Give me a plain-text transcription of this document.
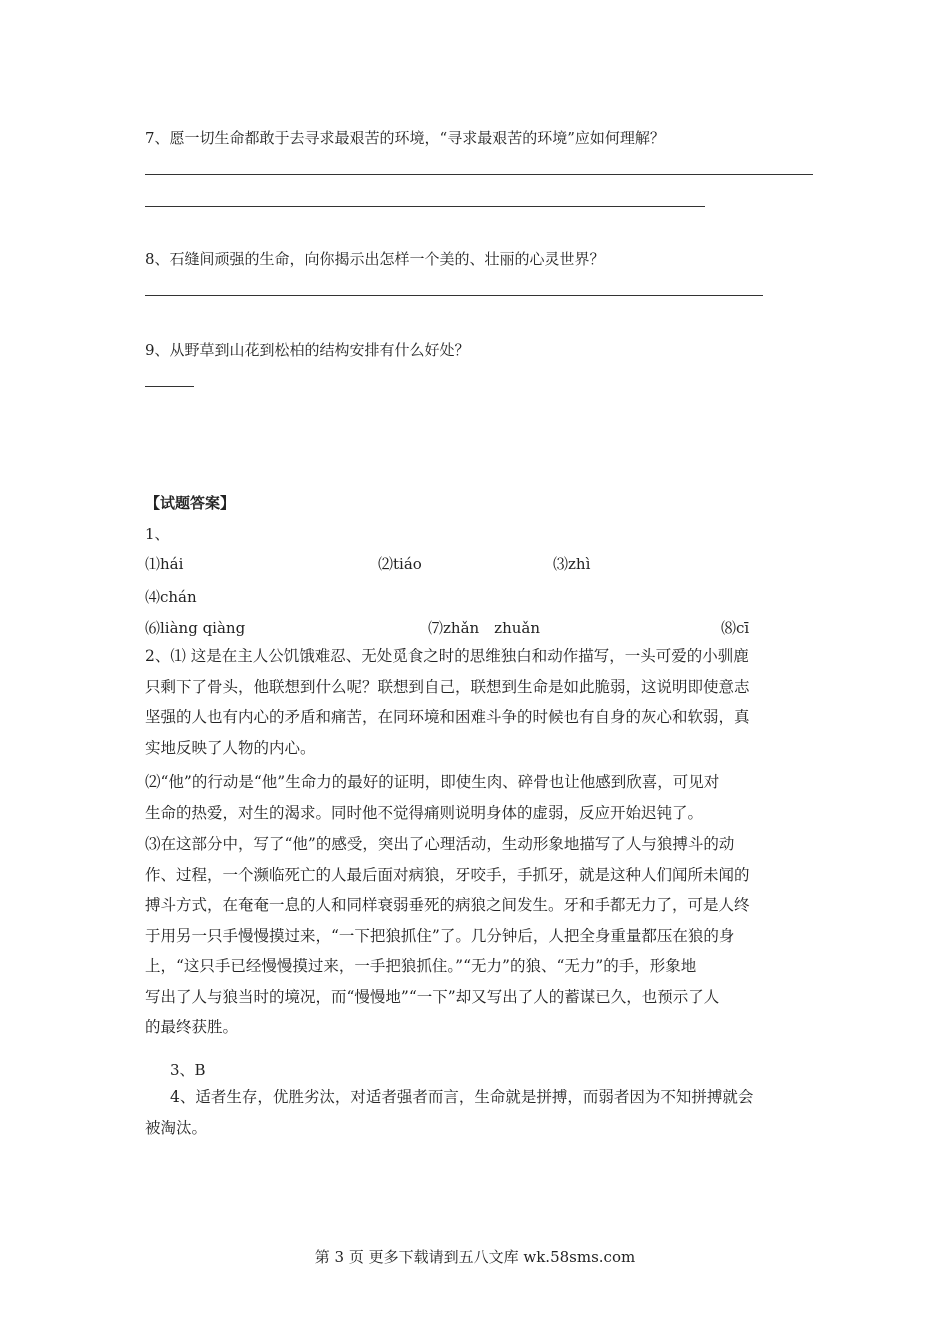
7、愿一切生命都敢于去寻求最艰苦的环境，“寻求最艰苦的环境”应如何理解？
8、石缝间顽强的生命，向你揭示出怎样一个美的、壮丽的心灵世界？
9、从野草到山花到松柏的结构安排有什么好处？
【试题答案】
1、
⑴hái	⑵tiáo	⑶zhì
⑷chán
⑹liàng qiàng	⑺zhǎn　zhuǎn	⑻cī
2、⑴ 这是在主人公饥饿难忍、无处觅食之时的思维独白和动作描写，一头可爱的小驯鹿
只剩下了骨头，他联想到什么呢？联想到自己，联想到生命是如此脆弱，这说明即使意志
坚强的人也有内心的矛盾和痛苦，在同环境和困难斗争的时候也有自身的灰心和软弱，真
实地反映了人物的内心。
⑵“他”的行动是“他”生命力的最好的证明，即使生肉、碎骨也让他感到欣喜，可见对
生命的热爱，对生的渴求。同时他不觉得痛则说明身体的虚弱，反应开始迟钝了。
⑶在这部分中，写了“他”的感受，突出了心理活动，生动形象地描写了人与狼搏斗的动
作、过程，一个濒临死亡的人最后面对病狼，牙咬手，手抓牙，就是这种人们闻所未闻的
搏斗方式，在奄奄一息的人和同样衰弱垂死的病狼之间发生。牙和手都无力了，可是人终
于用另一只手慢慢摸过来，“一下把狼抓住”了。几分钟后，人把全身重量都压在狼的身
上，“这只手已经慢慢摸过来，一手把狼抓住。”“无力”的狼、“无力”的手，形象地
写出了人与狼当时的境况，而“慢慢地”“一下”却又写出了人的蓄谋已久，也预示了人
的最终获胜。
3、B
4、适者生存，优胜劣汰，对适者强者而言，生命就是拼搏，而弱者因为不知拼搏就会
被淘汰。
第 3 页 更多下载请到五八文库 wk.58sms.com
